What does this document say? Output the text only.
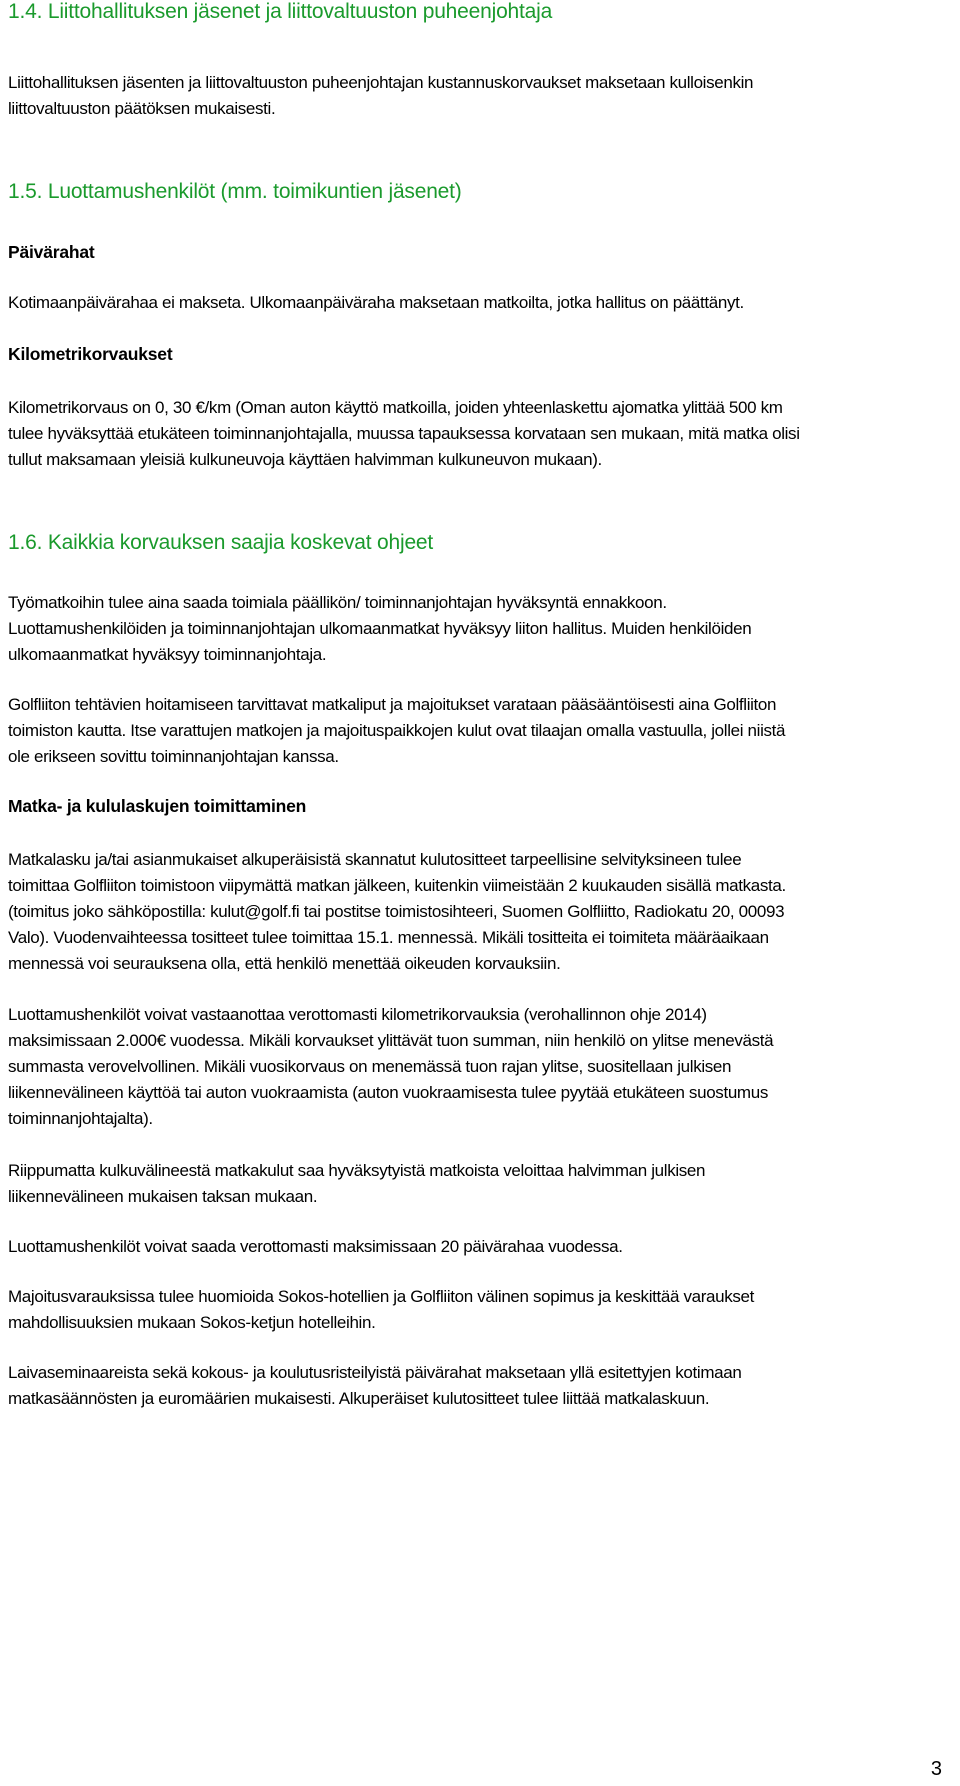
1.4. Liittohallituksen jäsenet ja liittovaltuuston puheenjohtaja

Liittohallituksen jäsenten ja liittovaltuuston puheenjohtajan kustannuskorvaukset maksetaan kulloisenkin
liittovaltuuston päätöksen mukaisesti.

1.5. Luottamushenkilöt (mm. toimikuntien jäsenet)
Päivärahat

Kotimaanpäivärahaa ei makseta. Ulkomaanpäiväraha maksetaan matkoilta, jotka hallitus on päättänyt.

Kilometrikorvaukset

Kilometrikorvaus on 0, 30 €/km (Oman auton käyttö matkoilla, joiden yhteenlaskettu ajomatka ylittää 500 km
tulee hyväksyttää etukäteen toiminnanjohtajalla, muussa tapauksessa korvataan sen mukaan, mitä matka olisi
tullut maksamaan yleisiä kulkuneuvoja käyttäen halvimman kulkuneuvon mukaan).

1.6. Kaikkia korvauksen saajia koskevat ohjeet

Työmatkoihin tulee aina saada toimiala päällikön/ toiminnanjohtajan hyväksyntä ennakkoon.
Luottamushenkilöiden ja toiminnanjohtajan ulkomaanmatkat hyväksyy liiton hallitus. Muiden henkilöiden
ulkomaanmatkat hyväksyy toiminnanjohtaja.

Golfliiton tehtävien hoitamiseen tarvittavat matkaliput ja majoitukset varataan pääsääntöisesti aina Golfliiton
toimiston kautta. Itse varattujen matkojen ja majoituspaikkojen kulut ovat tilaajan omalla vastuulla, jollei niistä
ole erikseen sovittu toiminnanjohtajan kanssa.

Matka- ja kululaskujen toimittaminen

Matkalasku ja/tai asianmukaiset alkuperäisistä skannatut kulutositteet tarpeellisine selvityksineen tulee
toimittaa Golfliiton toimistoon viipymättä matkan jälkeen, kuitenkin viimeistään 2 kuukauden sisällä matkasta.
(toimitus joko sähköpostilla: kulut@golf.fi tai postitse toimistosihteeri, Suomen Golfliitto, Radiokatu 20, 00093
Valo). Vuodenvaihteessa tositteet tulee toimittaa 15.1. mennessä. Mikäli tositteita ei toimiteta määräaikaan
mennessä voi seurauksena olla, että henkilö menettää oikeuden korvauksiin.

Luottamushenkilöt voivat vastaanottaa verottomasti kilometrikorvauksia (verohallinnon ohje 2014)
maksimissaan 2.000€ vuodessa. Mikäli korvaukset ylittävät tuon summan, niin henkilö on ylitse menevästä
summasta verovelvollinen. Mikäli vuosikorvaus on menemässä tuon rajan ylitse, suositellaan julkisen
liikennevälineen käyttöä tai auton vuokraamista (auton vuokraamisesta tulee pyytää etukäteen suostumus
toiminnanjohtajalta).

Riippumatta kulkuvälineestä matkakulut saa hyväksytyistä matkoista veloittaa halvimman julkisen
liikennevälineen mukaisen taksan mukaan.

Luottamushenkilöt voivat saada verottomasti maksimissaan 20 päivärahaa vuodessa.

Majoitusvarauksissa tulee huomioida Sokos-hotellien ja Golfliiton välinen sopimus ja keskittää varaukset
mahdollisuuksien mukaan Sokos-ketjun hotelleihin.

Laivaseminaareista sekä kokous- ja koulutusristeilyistä päivärahat maksetaan yllä esitettyjen kotimaan
matkasäännösten ja euromäärien mukaisesti. Alkuperäiset kulutositteet tulee liittää matkalaskuun.

3
